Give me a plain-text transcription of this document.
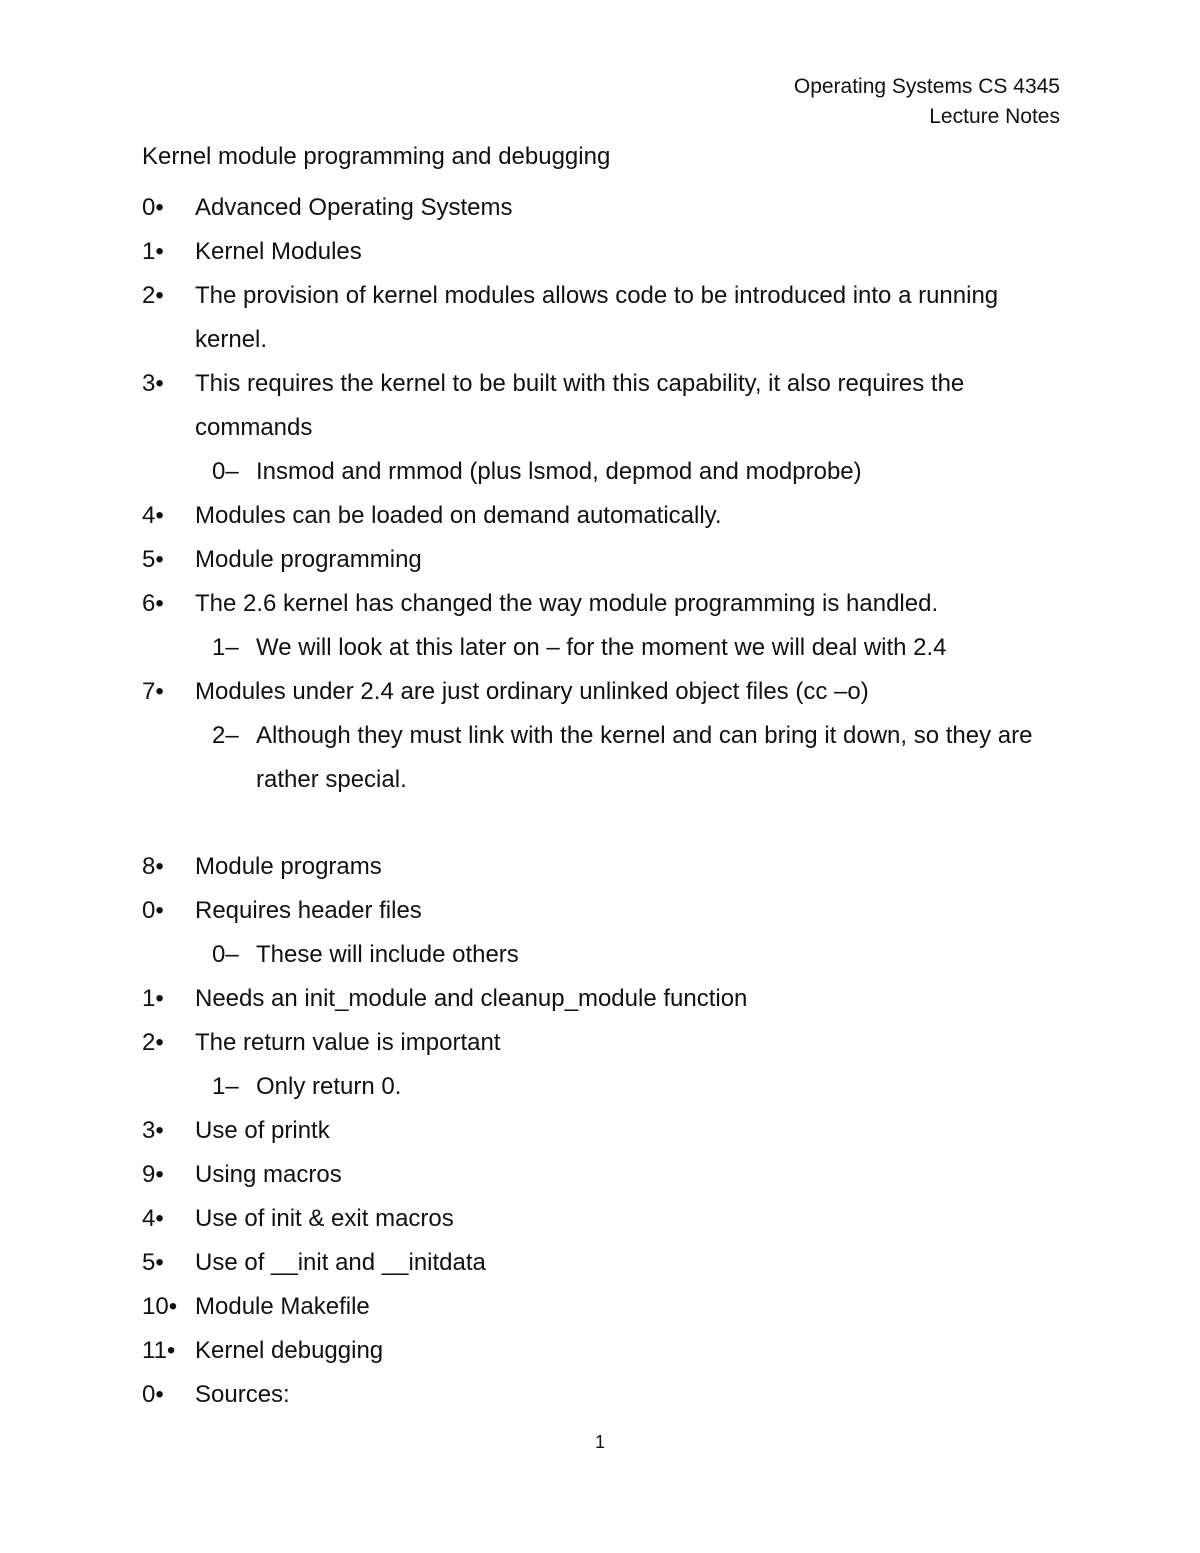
Operating Systems CS 4345
Lecture Notes
Kernel module programming and debugging
0•	Advanced Operating Systems
1•	Kernel Modules
2•	The provision of kernel modules allows code to be introduced into a running kernel.
3•	This requires the kernel to be built with this capability, it also requires the commands
0– Insmod and rmmod (plus lsmod, depmod and modprobe)
4•	Modules can be loaded on demand automatically.
5•	Module programming
6•	The 2.6 kernel has changed the way module programming is handled.
1– We will look at this later on – for the moment we will deal with 2.4
7•	Modules under 2.4 are just ordinary unlinked object files (cc –o)
2– Although they must link with the kernel and can bring it down, so they are rather special.
8•	Module programs
0•	Requires header files
0– These will include others
1•	Needs an init_module and cleanup_module function
2•	The return value is important
1– Only return 0.
3•	Use of printk
9•	Using macros
4•	Use of init & exit macros
5•	Use of __init and __initdata
10• Module Makefile
11• Kernel debugging
0•	Sources:
1
